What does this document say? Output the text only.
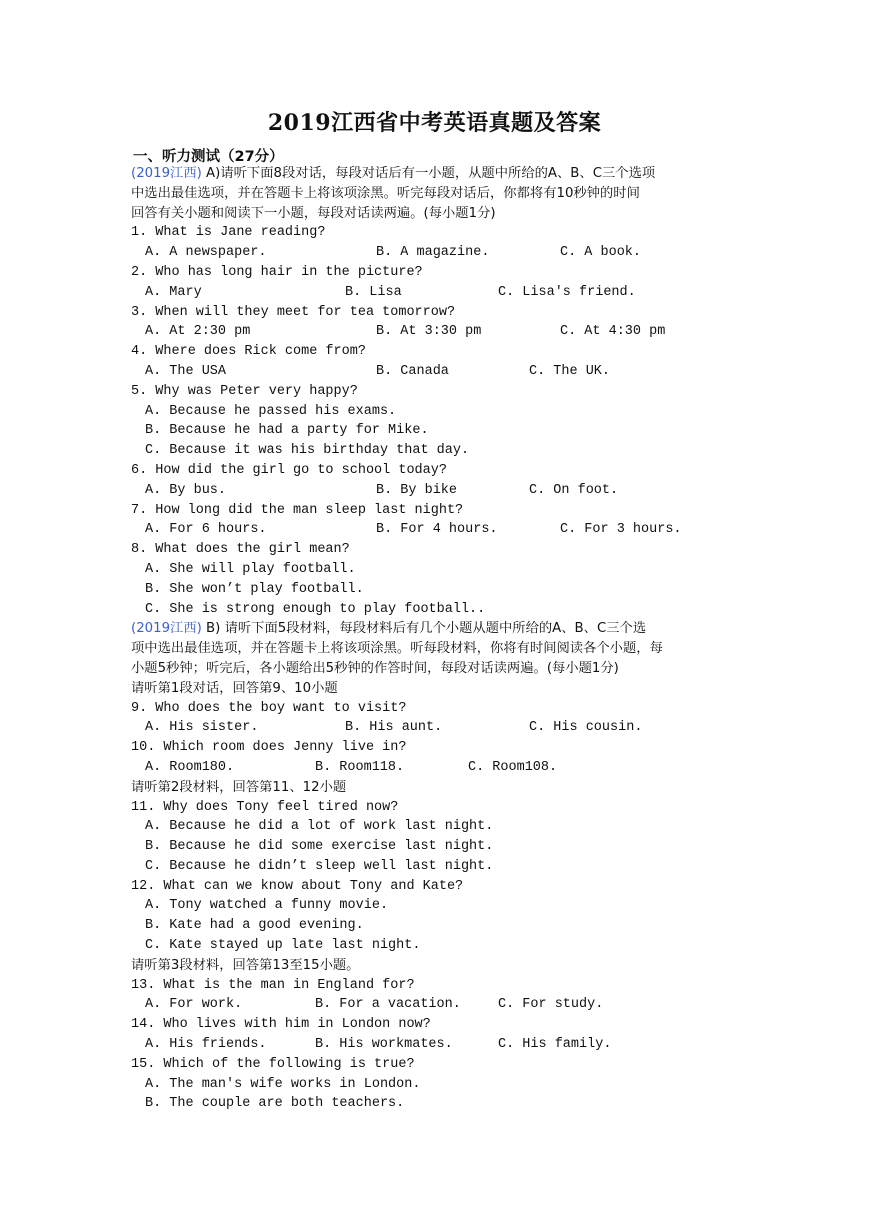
2019江西省中考英语真题及答案
一、听力测试（27分）
(2019江西) A)请听下面8段对话，每段对话后有一小题，从题中所给的A、B、C三个选项
中选出最佳选项，并在答题卡上将该项涂黑。听完每段对话后，你都将有10秒钟的时间
回答有关小题和阅读下一小题，每段对话读两遍。(每小题1分)
1. What is Jane reading?
A. A newspaper.	B. A magazine.	C. A book.
2. Who has long hair in the picture?
A. Mary	B. Lisa	C. Lisa's friend.
3. When will they meet for tea tomorrow?
A. At 2:30 pm	B. At 3:30 pm	C. At 4:30 pm
4. Where does Rick come from?
A. The USA	B. Canada	C. The UK.
5. Why was Peter very happy?
A. Because he passed his exams.
B. Because he had a party for Mike.
C. Because it was his birthday that day.
6. How did the girl go to school today?
A. By bus.	B. By bike	C. On foot.
7. How long did the man sleep last night?
A. For 6 hours.	B. For 4 hours.	C. For 3 hours.
8. What does the girl mean?
A. She will play football.
B. She won’t play football.
C. She is strong enough to play football..
(2019江西) B) 请听下面5段材料，每段材料后有几个小题从题中所给的A、B、C三个选
项中选出最佳选项，并在答题卡上将该项涂黑。听每段材料，你将有时间阅读各个小题，每
小题5秒钟；听完后，各小题给出5秒钟的作答时间，每段对话读两遍。(每小题1分)
请听第1段对话，回答第9、10小题
9. Who does the boy want to visit?
A. His sister.	B. His aunt.	C. His cousin.
10. Which room does Jenny live in?
A. Room180.	B. Room118.	C. Room108.
请听第2段材料，回答第11、12小题
11. Why does Tony feel tired now?
A. Because he did a lot of work last night.
B. Because he did some exercise last night.
C. Because he didn’t sleep well last night.
12. What can we know about Tony and Kate?
A. Tony watched a funny movie.
B. Kate had a good evening.
C. Kate stayed up late last night.
请听第3段材料，回答第13至15小题。
13. What is the man in England for?
A. For work.	B. For a vacation.	C. For study.
14. Who lives with him in London now?
A. His friends.	B. His workmates.	C. His family.
15. Which of the following is true?
A. The man's wife works in London.
B. The couple are both teachers.
